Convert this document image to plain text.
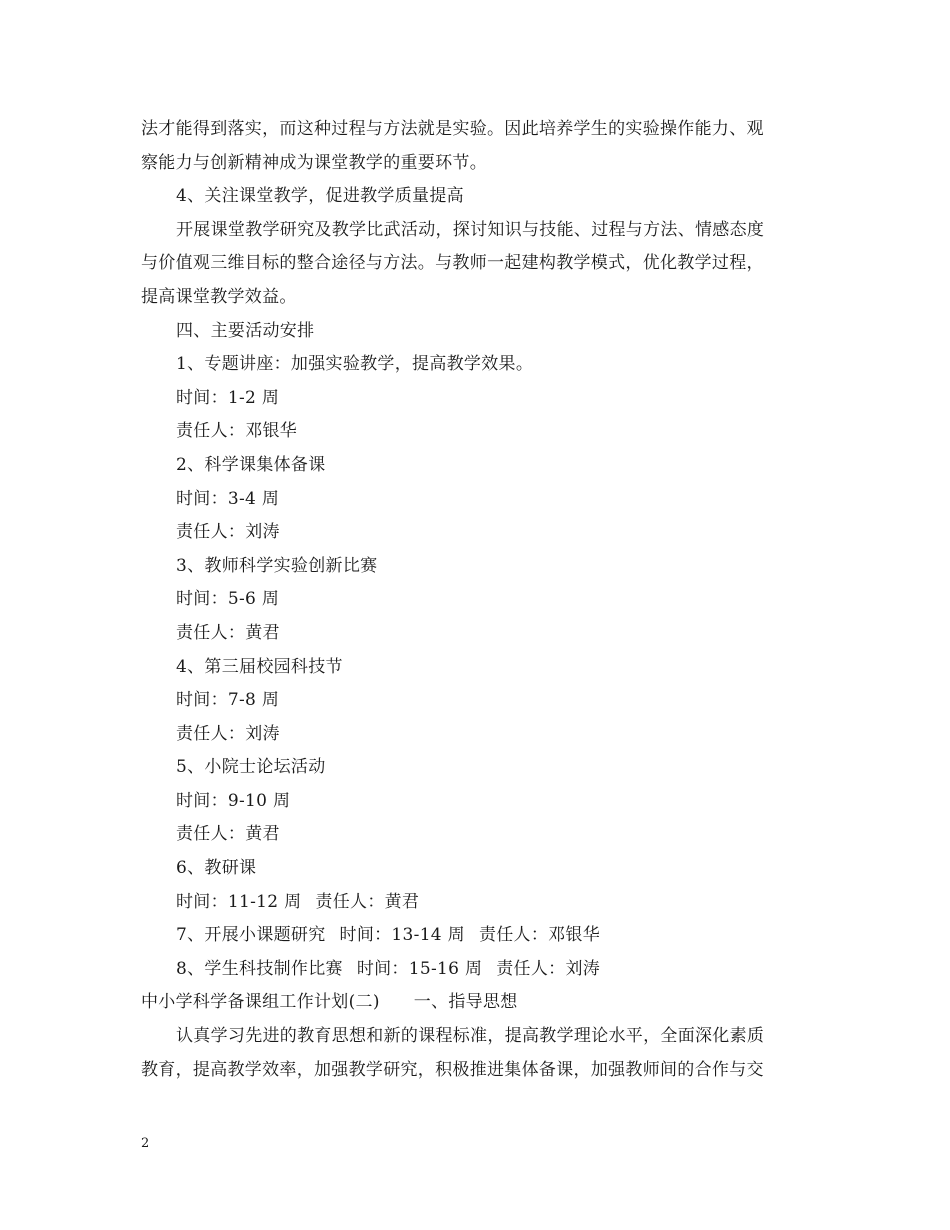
法才能得到落实，而这种过程与方法就是实验。因此培养学生的实验操作能力、观
察能力与创新精神成为课堂教学的重要环节。
4、关注课堂教学，促进教学质量提高
开展课堂教学研究及教学比武活动，探讨知识与技能、过程与方法、情感态度
与价值观三维目标的整合途径与方法。与教师一起建构教学模式，优化教学过程，
提高课堂教学效益。
四、主要活动安排
1、专题讲座：加强实验教学，提高教学效果。
时间：1-2 周
责任人：邓银华
2、科学课集体备课
时间：3-4 周
责任人：刘涛
3、教师科学实验创新比赛
时间：5-6 周
责任人：黄君
4、第三届校园科技节
时间：7-8 周
责任人：刘涛
5、小院士论坛活动
时间：9-10 周
责任人：黄君
6、教研课
时间：11-12 周 责任人：黄君
7、开展小课题研究 时间：13-14 周 责任人：邓银华
8、学生科技制作比赛 时间：15-16 周 责任人：刘涛
中小学科学备课组工作计划(二) 一、指导思想
认真学习先进的教育思想和新的课程标准，提高教学理论水平，全面深化素质
教育，提高教学效率，加强教学研究，积极推进集体备课，加强教师间的合作与交
2
